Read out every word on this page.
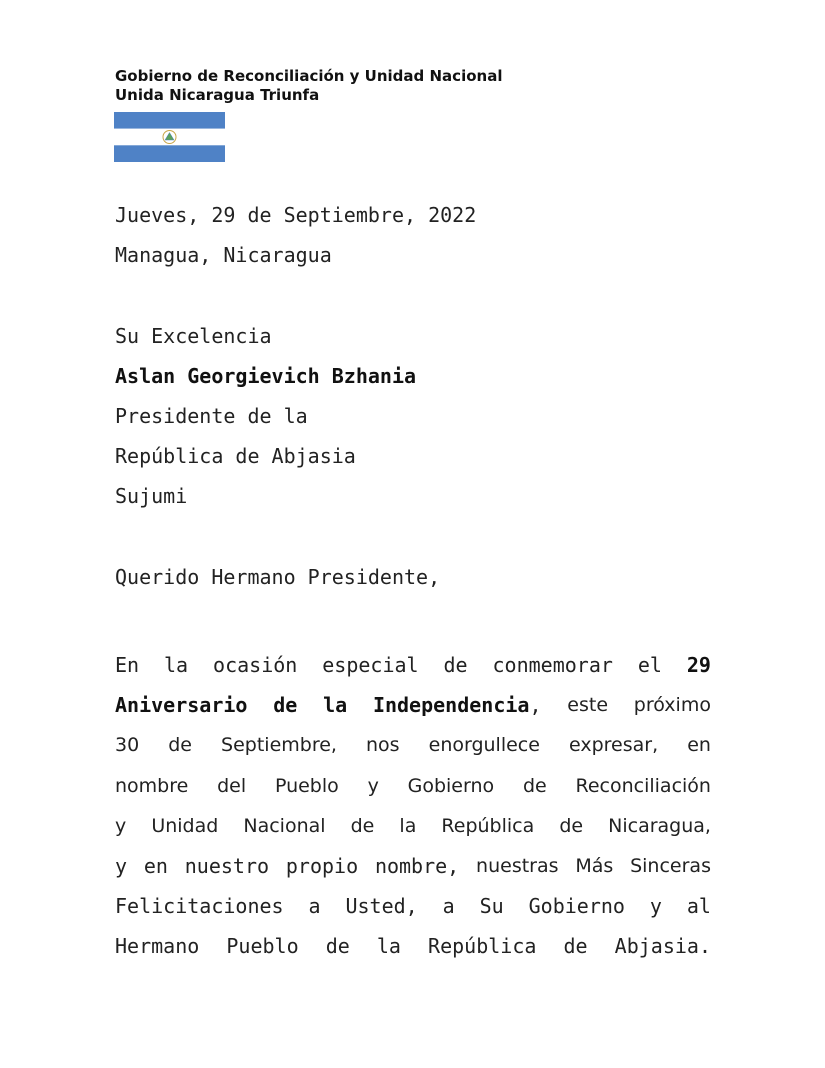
Gobierno de Reconciliación y Unidad Nacional
Unida Nicaragua Triunfa
Jueves, 29 de Septiembre, 2022
Managua, Nicaragua
Su Excelencia
Aslan Georgievich Bzhania
Presidente de la
República de Abjasia
Sujumi
Querido Hermano Presidente,
En la ocasión especial de conmemorar el 29
Aniversario de la Independencia, este próximo
30 de Septiembre, nos enorgullece expresar, en
nombre del Pueblo y Gobierno de Reconciliación
y Unidad Nacional de la República de Nicaragua,
y en nuestro propio nombre, nuestras Más Sinceras
Felicitaciones a Usted, a Su Gobierno y al
Hermano Pueblo de la República de Abjasia.
